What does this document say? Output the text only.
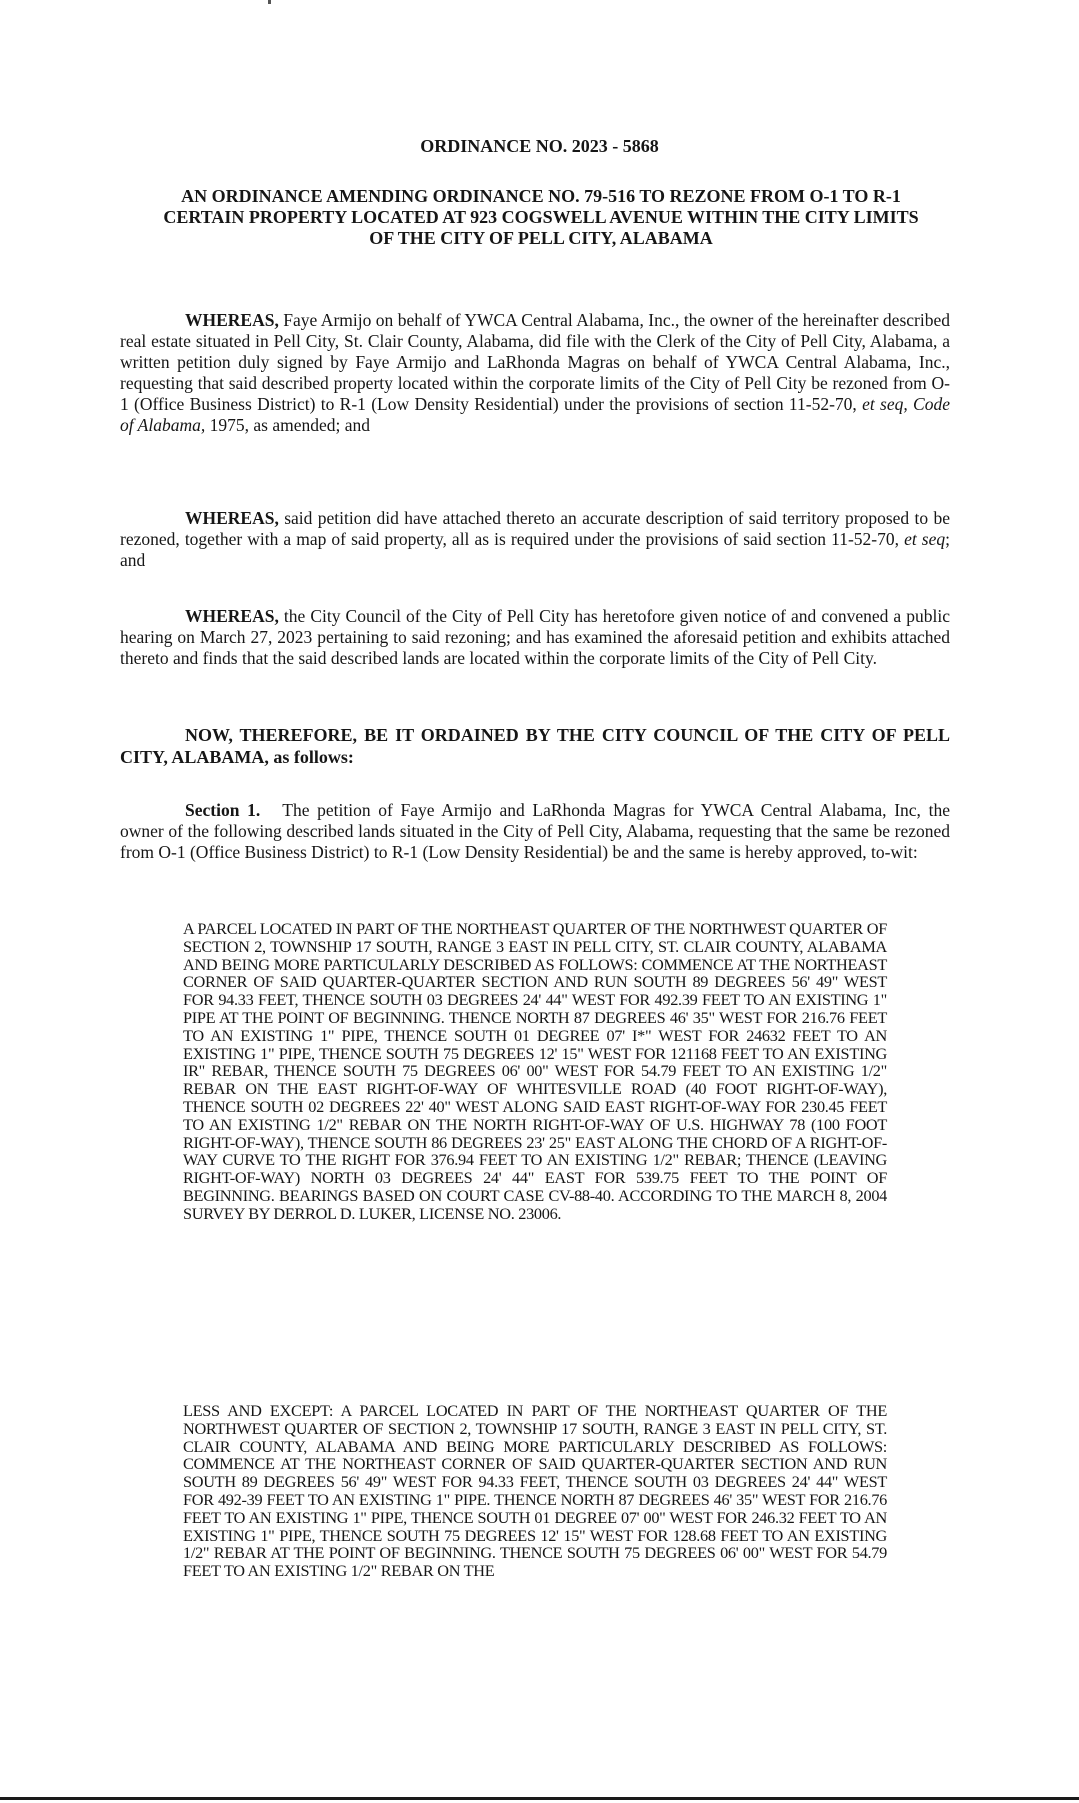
ORDINANCE NO. 2023 - 5868
AN ORDINANCE AMENDING ORDINANCE NO. 79-516 TO REZONE FROM O-1 TO R-1 CERTAIN PROPERTY LOCATED AT 923 COGSWELL AVENUE WITHIN THE CITY LIMITS OF THE CITY OF PELL CITY, ALABAMA

WHEREAS, Faye Armijo on behalf of YWCA Central Alabama, Inc., the owner of the hereinafter described real estate situated in Pell City, St. Clair County, Alabama, did file with the Clerk of the City of Pell City, Alabama, a written petition duly signed by Faye Armijo and LaRhonda Magras on behalf of YWCA Central Alabama, Inc., requesting that said described property located within the corporate limits of the City of Pell City be rezoned from O-1 (Office Business District) to R-1 (Low Density Residential) under the provisions of section 11-52-70, et seq, Code of Alabama, 1975, as amended; and

WHEREAS, said petition did have attached thereto an accurate description of said territory proposed to be rezoned, together with a map of said property, all as is required under the provisions of said section 11-52-70, et seq; and

WHEREAS, the City Council of the City of Pell City has heretofore given notice of and convened a public hearing on March 27, 2023 pertaining to said rezoning; and has examined the aforesaid petition and exhibits attached thereto and finds that the said described lands are located within the corporate limits of the City of Pell City.

NOW, THEREFORE, BE IT ORDAINED BY THE CITY COUNCIL OF THE CITY OF PELL CITY, ALABAMA, as follows:

Section 1. The petition of Faye Armijo and LaRhonda Magras for YWCA Central Alabama, Inc, the owner of the following described lands situated in the City of Pell City, Alabama, requesting that the same be rezoned from O-1 (Office Business District) to R-1 (Low Density Residential) be and the same is hereby approved, to-wit:

A PARCEL LOCATED IN PART OF THE NORTHEAST QUARTER OF THE NORTHWEST QUARTER OF SECTION 2, TOWNSHIP 17 SOUTH, RANGE 3 EAST IN PELL CITY, ST. CLAIR COUNTY, ALABAMA AND BEING MORE PARTICULARLY DESCRIBED AS FOLLOWS: COMMENCE AT THE NORTHEAST CORNER OF SAID QUARTER-QUARTER SECTION AND RUN SOUTH 89 DEGREES 56' 49" WEST FOR 94.33 FEET, THENCE SOUTH 03 DEGREES 24' 44" WEST FOR 492.39 FEET TO AN EXISTING 1" PIPE AT THE POINT OF BEGINNING. THENCE NORTH 87 DEGREES 46' 35" WEST FOR 216.76 FEET TO AN EXISTING 1" PIPE, THENCE SOUTH 01 DEGREE 07' I*" WEST FOR 24632 FEET TO AN EXISTING 1" PIPE, THENCE SOUTH 75 DEGREES 12' 15" WEST FOR 121168 FEET TO AN EXISTING IR" REBAR, THENCE SOUTH 75 DEGREES 06' 00" WEST FOR 54.79 FEET TO AN EXISTING 1/2" REBAR ON THE EAST RIGHT-OF-WAY OF WHITESVILLE ROAD (40 FOOT RIGHT-OF-WAY), THENCE SOUTH 02 DEGREES 22' 40" WEST ALONG SAID EAST RIGHT-OF-WAY FOR 230.45 FEET TO AN EXISTING 1/2" REBAR ON THE NORTH RIGHT-OF-WAY OF U.S. HIGHWAY 78 (100 FOOT RIGHT-OF-WAY), THENCE SOUTH 86 DEGREES 23' 25" EAST ALONG THE CHORD OF A RIGHT-OF-WAY CURVE TO THE RIGHT FOR 376.94 FEET TO AN EXISTING 1/2" REBAR; THENCE (LEAVING RIGHT-OF-WAY) NORTH 03 DEGREES 24' 44" EAST FOR 539.75 FEET TO THE POINT OF BEGINNING. BEARINGS BASED ON COURT CASE CV-88-40. ACCORDING TO THE MARCH 8, 2004 SURVEY BY DERROL D. LUKER, LICENSE NO. 23006.

LESS AND EXCEPT: A PARCEL LOCATED IN PART OF THE NORTHEAST QUARTER OF THE NORTHWEST QUARTER OF SECTION 2, TOWNSHIP 17 SOUTH, RANGE 3 EAST IN PELL CITY, ST. CLAIR COUNTY, ALABAMA AND BEING MORE PARTICULARLY DESCRIBED AS FOLLOWS: COMMENCE AT THE NORTHEAST CORNER OF SAID QUARTER-QUARTER SECTION AND RUN SOUTH 89 DEGREES 56' 49" WEST FOR 94.33 FEET, THENCE SOUTH 03 DEGREES 24' 44" WEST FOR 492-39 FEET TO AN EXISTING 1" PIPE. THENCE NORTH 87 DEGREES 46' 35" WEST FOR 216.76 FEET TO AN EXISTING 1" PIPE, THENCE SOUTH 01 DEGREE 07' 00" WEST FOR 246.32 FEET TO AN EXISTING 1" PIPE, THENCE SOUTH 75 DEGREES 12' 15" WEST FOR 128.68 FEET TO AN EXISTING 1/2" REBAR AT THE POINT OF BEGINNING. THENCE SOUTH 75 DEGREES 06' 00" WEST FOR 54.79 FEET TO AN EXISTING 1/2" REBAR ON THE
